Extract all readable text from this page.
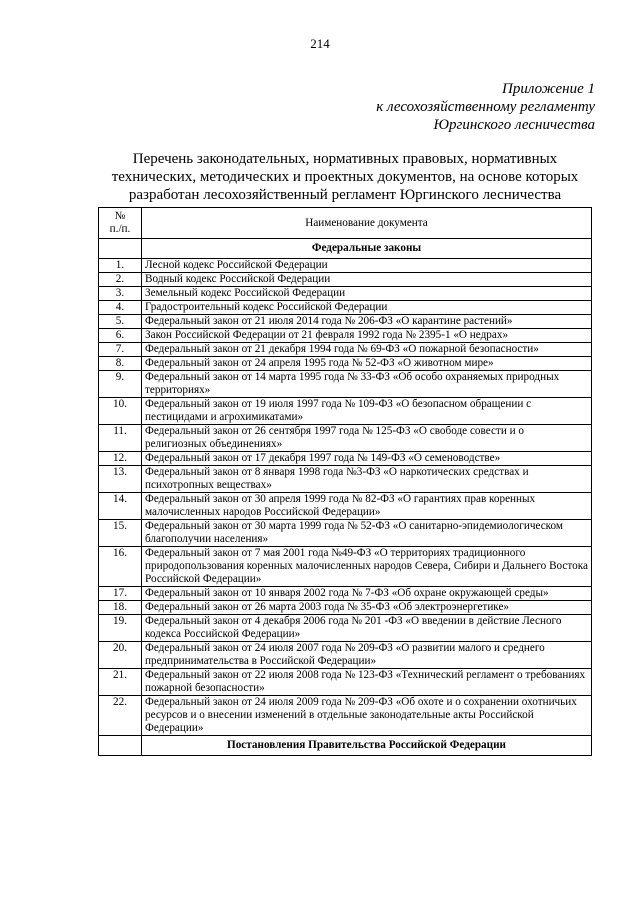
214
Приложение 1
к лесохозяйственному регламенту
Юргинского лесничества
Перечень законодательных, нормативных правовых, нормативных
технических, методических и проектных документов, на основе которых
разработан лесохозяйственный регламент Юргинского лесничества
№
п./п.	Наименование документа
	Федеральные законы
1.	Лесной кодекс Российской Федерации
2.	Водный кодекс Российской Федерации
3.	Земельный кодекс Российской Федерации
4.	Градостроительный кодекс Российской Федерации
5.	Федеральный закон от 21 июля 2014 года № 206-ФЗ «О карантине растений»
6.	Закон Российской Федерации от 21 февраля 1992 года № 2395-1 «О недрах»
7.	Федеральный закон от 21 декабря 1994 года № 69-ФЗ «О пожарной безопасности»
8.	Федеральный закон от 24 апреля 1995 года № 52-ФЗ «О животном мире»
9.	Федеральный закон от 14 марта 1995 года № 33-ФЗ «Об особо охраняемых природных территориях»
10.	Федеральный закон от 19 июля 1997 года № 109-ФЗ «О безопасном обращении с пестицидами и агрохимикатами»
11.	Федеральный закон от 26 сентября 1997 года № 125-ФЗ «О свободе совести и о религиозных объединениях»
12.	Федеральный закон от 17 декабря 1997 года № 149-ФЗ «О семеноводстве»
13.	Федеральный закон от 8 января 1998 года №3-ФЗ «О наркотических средствах и психотропных веществах»
14.	Федеральный закон от 30 апреля 1999 года № 82-ФЗ «О гарантиях прав коренных малочисленных народов Российской Федерации»
15.	Федеральный закон от 30 марта 1999 года № 52-ФЗ «О санитарно-эпидемиологическом благополучии населения»
16.	Федеральный закон от 7 мая 2001 года №49-ФЗ «О территориях традиционного природопользования коренных малочисленных народов Севера, Сибири и Дальнего Востока Российской Федерации»
17.	Федеральный закон от 10 января 2002 года № 7-ФЗ «Об охране окружающей среды»
18.	Федеральный закон от 26 марта 2003 года № 35-ФЗ «Об электроэнергетике»
19.	Федеральный закон от 4 декабря 2006 года № 201 -ФЗ «О введении в действие Лесного кодекса Российской Федерации»
20.	Федеральный закон от 24 июля 2007 года № 209-ФЗ «О развитии малого и среднего предпринимательства в Российской Федерации»
21.	Федеральный закон от 22 июля 2008 года № 123-ФЗ «Технический регламент о требованиях пожарной безопасности»
22.	Федеральный закон от 24 июля 2009 года № 209-ФЗ «Об охоте и о сохранении охотничьих ресурсов и о внесении изменений в отдельные законодательные акты Российской Федерации»
	Постановления Правительства Российской Федерации
